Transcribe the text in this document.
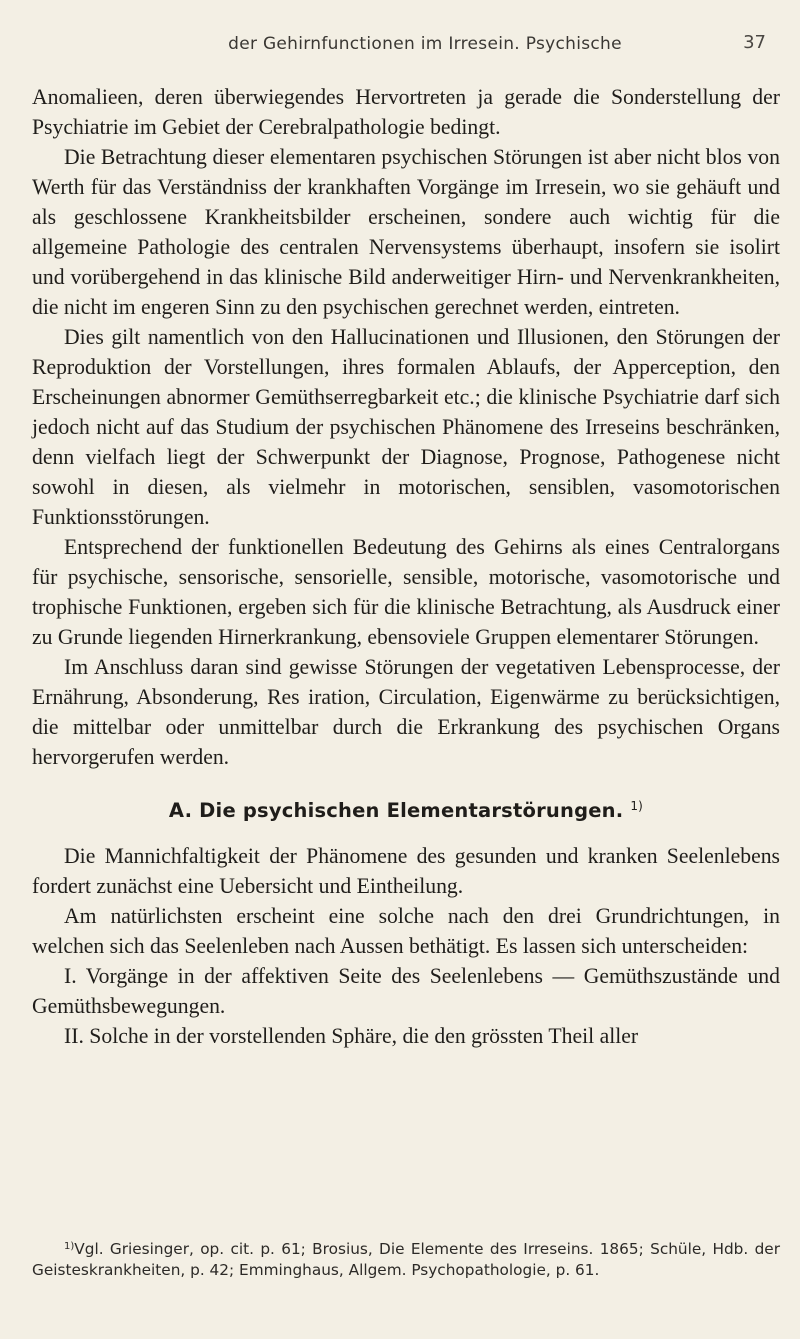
der Gehirnfunctionen im Irresein. Psychische	37

Anomalieen, deren überwiegendes Hervortreten ja gerade die Sonderstellung der Psychiatrie im Gebiet der Cerebralpathologie bedingt.

Die Betrachtung dieser elementaren psychischen Störungen ist aber nicht blos von Werth für das Verständniss der krankhaften Vorgänge im Irresein, wo sie gehäuft und als geschlossene Krankheitsbilder erscheinen, sondere auch wichtig für die allgemeine Pathologie des centralen Nervensystems überhaupt, insofern sie isolirt und vorübergehend in das klinische Bild anderweitiger Hirn- und Nervenkrankheiten, die nicht im engeren Sinn zu den psychischen gerechnet werden, eintreten.

Dies gilt namentlich von den Hallucinationen und Illusionen, den Störungen der Reproduktion der Vorstellungen, ihres formalen Ablaufs, der Apperception, den Erscheinungen abnormer Gemüthserregbarkeit etc.; die klinische Psychiatrie darf sich jedoch nicht auf das Studium der psychischen Phänomene des Irreseins beschränken, denn vielfach liegt der Schwerpunkt der Diagnose, Prognose, Pathogenese nicht sowohl in diesen, als vielmehr in motorischen, sensiblen, vasomotorischen Funktionsstörungen.

Entsprechend der funktionellen Bedeutung des Gehirns als eines Centralorgans für psychische, sensorische, sensorielle, sensible, motorische, vasomotorische und trophische Funktionen, ergeben sich für die klinische Betrachtung, als Ausdruck einer zu Grunde liegenden Hirnerkrankung, ebensoviele Gruppen elementarer Störungen.

Im Anschluss daran sind gewisse Störungen der vegetativen Lebensprocesse, der Ernährung, Absonderung, Res iration, Circulation, Eigenwärme zu berücksichtigen, die mittelbar oder unmittelbar durch die Erkrankung des psychischen Organs hervorgerufen werden.

A. Die psychischen Elementarstörungen. $^{1)}$

Die Mannichfaltigkeit der Phänomene des gesunden und kranken Seelenlebens fordert zunächst eine Uebersicht und Eintheilung.

Am natürlichsten erscheint eine solche nach den drei Grundrichtungen, in welchen sich das Seelenleben nach Aussen bethätigt. Es lassen sich unterscheiden:

I. Vorgänge in der affektiven Seite des Seelenlebens — Gemüthszustände und Gemüthsbewegungen.

II. Solche in der vorstellenden Sphäre, die den grössten Theil aller

$^{1)}$Vgl. Griesinger, op. cit. p. 61; Brosius, Die Elemente des Irreseins. 1865; Schüle, Hdb. der Geisteskrankheiten, p. 42; Emminghaus, Allgem. Psychopathologie, p. 61.
